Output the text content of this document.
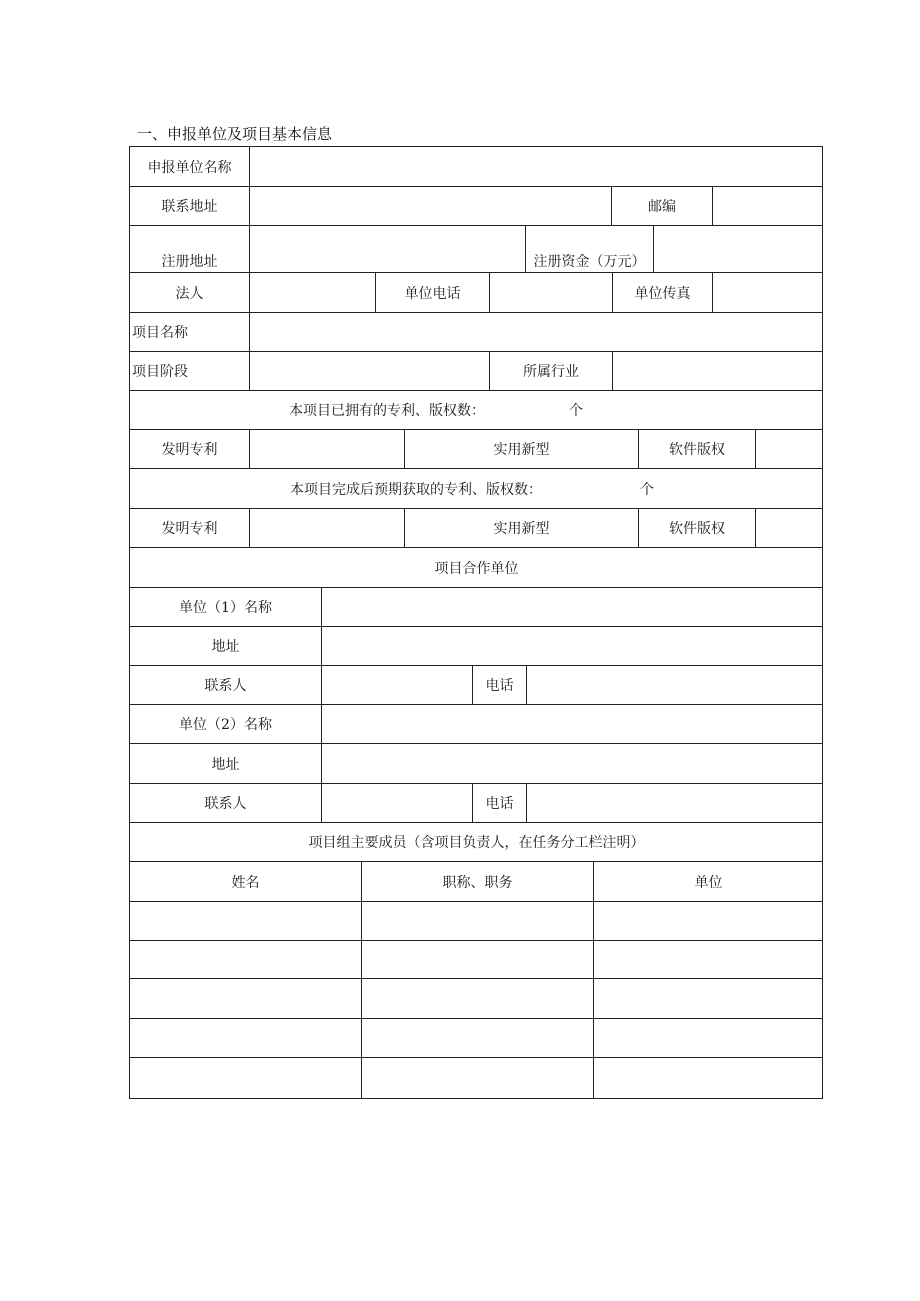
一、申报单位及项目基本信息
申报单位名称
联系地址	邮编
注册地址	注册资金（万元）
法人	单位电话	单位传真
项目名称
项目阶段	所属行业
本项目已拥有的专利、版权数：	个
发明专利	实用新型	软件版权
本项目完成后预期获取的专利、版权数：	个
发明专利	实用新型	软件版权
项目合作单位
单位（1）名称
地址
联系人	电话
单位（2）名称
地址
联系人	电话
项目组主要成员（含项目负责人，在任务分工栏注明）
姓名	职称、职务	单位
